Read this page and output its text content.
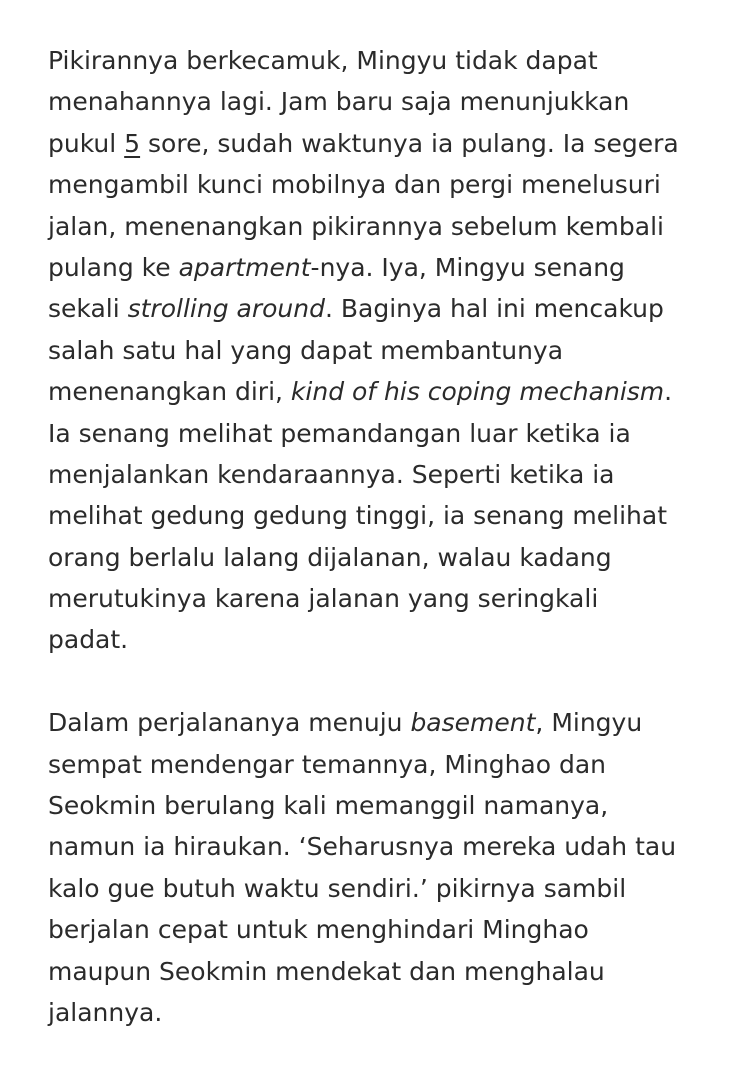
Pikirannya berkecamuk, Mingyu tidak dapat
menahannya lagi. Jam baru saja menunjukkan
pukul 5 sore, sudah waktunya ia pulang. Ia segera
mengambil kunci mobilnya dan pergi menelusuri
jalan, menenangkan pikirannya sebelum kembali
pulang ke apartment-nya. Iya, Mingyu senang
sekali strolling around. Baginya hal ini mencakup
salah satu hal yang dapat membantunya
menenangkan diri, kind of his coping mechanism.
Ia senang melihat pemandangan luar ketika ia
menjalankan kendaraannya. Seperti ketika ia
melihat gedung gedung tinggi, ia senang melihat
orang berlalu lalang dijalanan, walau kadang
merutukinya karena jalanan yang seringkali
padat.
Dalam perjalananya menuju basement, Mingyu
sempat mendengar temannya, Minghao dan
Seokmin berulang kali memanggil namanya,
namun ia hiraukan. ‘Seharusnya mereka udah tau
kalo gue butuh waktu sendiri.’ pikirnya sambil
berjalan cepat untuk menghindari Minghao
maupun Seokmin mendekat dan menghalau
jalannya.
